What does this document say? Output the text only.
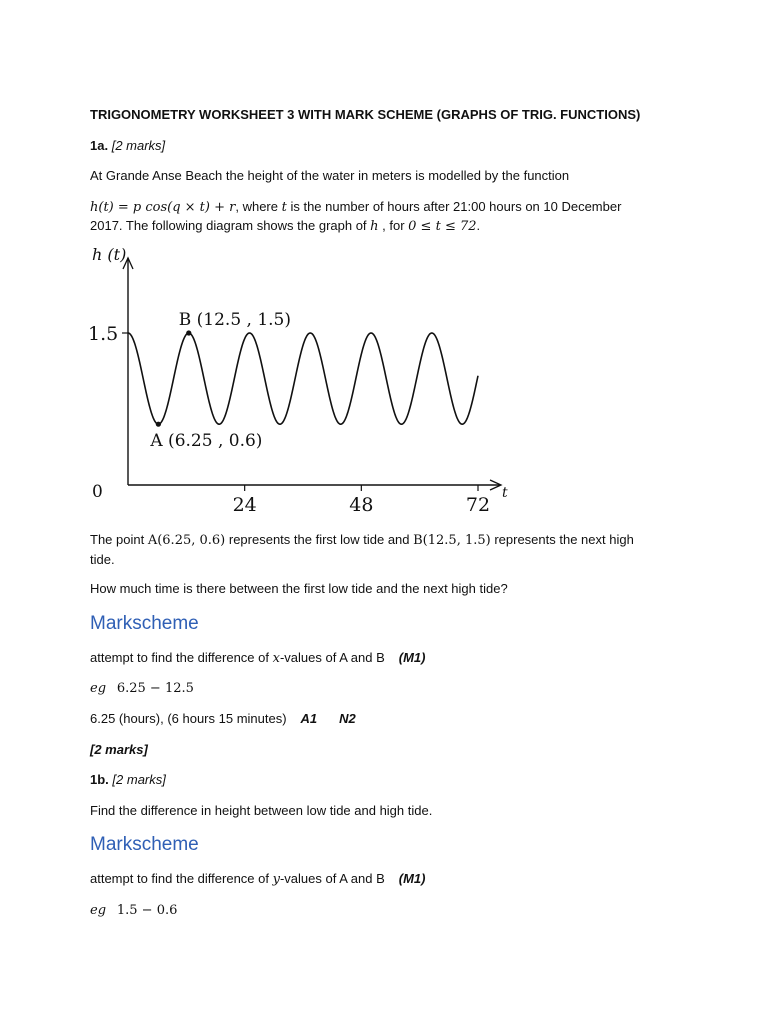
TRIGONOMETRY WORKSHEET 3 WITH MARK SCHEME (GRAPHS OF TRIG. FUNCTIONS)
1a. [2 marks]
At Grande Anse Beach the height of the water in meters is modelled by the function
h(t) = p cos(q × t) + r, where t is the number of hours after 21:00 hours on 10 December
2017. The following diagram shows the graph of h , for 0 ≤ t ≤ 72.
h (t)
t
0
24	48	72
1.5
A (6.25 , 0.6)
B (12.5 , 1.5)
The point A(6.25, 0.6) represents the first low tide and B(12.5, 1.5) represents the next high
tide.
How much time is there between the first low tide and the next high tide?
Markscheme
attempt to find the difference of x-values of A and B (M1)
eg 6.25 − 12.5
6.25 (hours), (6 hours 15 minutes) A1 N2
[2 marks]
1b. [2 marks]
Find the difference in height between low tide and high tide.
Markscheme
attempt to find the difference of y-values of A and B (M1)
eg 1.5 − 0.6
